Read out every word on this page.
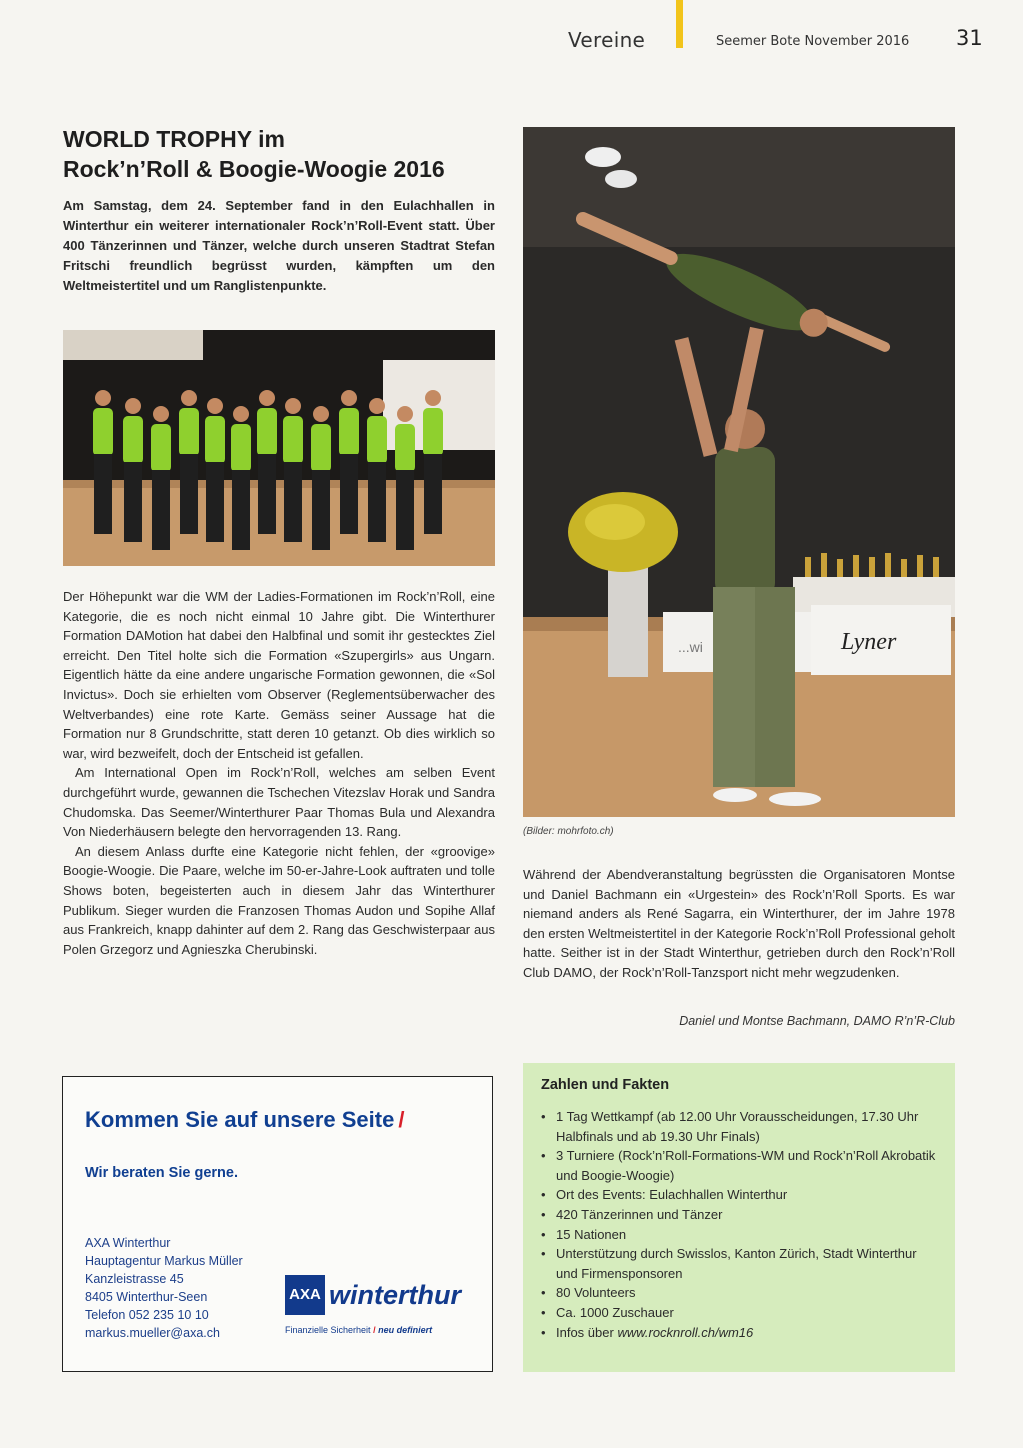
Vereine	Seemer Bote November 2016 31
WORLD TROPHY im
Rock’n’Roll & Boogie-Woogie 2016
Am Samstag, dem 24. September fand in den Eulachhallen in Winterthur ein weiterer internationaler Rock’n’Roll-Event statt. Über 400 Tänzerinnen und Tänzer, welche durch unseren Stadtrat Stefan Fritschi freundlich begrüsst wurden, kämpften um den Weltmeistertitel und um Ranglistenpunkte.
...wi	Lyner
(Bilder: mohrfoto.ch)

Der Höhepunkt war die WM der Ladies-Formationen im Rock’n’Roll, eine Kategorie, die es noch nicht einmal 10 Jahre gibt. Die Winterthurer Formation DAMotion hat dabei den Halbfinal und somit ihr gestecktes Ziel erreicht. Den Titel holte sich die Formation «Szupergirls» aus Ungarn. Eigentlich hätte da eine andere ungarische Formation gewonnen, die «Sol Invictus». Doch sie erhielten vom Observer (Reglementsüberwacher des Weltverbandes) eine rote Karte. Gemäss seiner Aussage hat die Formation nur 8 Grundschritte, statt deren 10 getanzt. Ob dies wirklich so war, wird bezweifelt, doch der Entscheid ist gefallen.

Am International Open im Rock’n’Roll, welches am selben Event durchgeführt wurde, gewannen die Tschechen Vitezslav Horak und Sandra Chudomska. Das Seemer/Winterthurer Paar Thomas Bula und Alexandra Von Niederhäusern belegte den hervorragenden 13. Rang.

An diesem Anlass durfte eine Kategorie nicht fehlen, der «groovige» Boogie-Woogie. Die Paare, welche im 50-er-Jahre-Look auftraten und tolle Shows boten, begeisterten auch in diesem Jahr das Winterthurer Publikum. Sieger wurden die Franzosen Thomas Audon und Sopihe Allaf aus Frankreich, knapp dahinter auf dem 2. Rang das Geschwisterpaar aus Polen Grzegorz und Agnieszka Cherubinski.

Während der Abendveranstaltung begrüssten die Organisatoren Montse und Daniel Bachmann ein «Urgestein» des Rock’n’Roll Sports. Es war niemand anders als René Sagarra, ein Winterthurer, der im Jahre 1978 den ersten Weltmeistertitel in der Kategorie Rock’n’Roll Professional geholt hatte. Seither ist in der Stadt Winterthur, getrieben durch den Rock’n’Roll Club DAMO, der Rock’n’Roll-Tanzsport nicht mehr wegzudenken.
Daniel und Montse Bachmann, DAMO R’n’R-Club
Kommen Sie auf unsere Seite /
Wir beraten Sie gerne.
AXA Winterthur
Hauptagentur Markus Müller
Kanzleistrasse 45
8405 Winterthur-Seen
Telefon 052 235 10 10
markus.mueller@axa.ch
AXA winterthur
Finanzielle Sicherheit / neu definiert
Zahlen und Fakten
• 1 Tag Wettkampf (ab 12.00 Uhr Vorausscheidungen, 17.30 Uhr Halbfinals und ab 19.30 Uhr Finals)
• 3 Turniere (Rock’n’Roll-Formations-WM und Rock’n’Roll Akrobatik und Boogie-Woogie)
• Ort des Events: Eulachhallen Winterthur
• 420 Tänzerinnen und Tänzer
• 15 Nationen
• Unterstützung durch Swisslos, Kanton Zürich, Stadt Winterthur und Firmensponsoren
• 80 Volunteers
• Ca. 1000 Zuschauer
• Infos über www.rocknroll.ch/wm16
